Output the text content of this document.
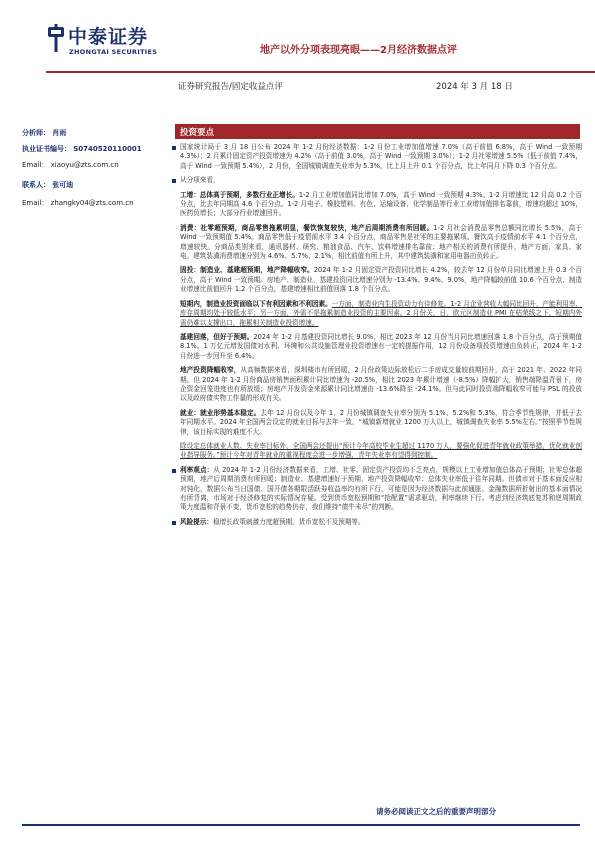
中泰证券
ZHONGTAI SECURITIES	地产以外分项表现亮眼——2月经济数据点评
证券研究报告/固定收益点评	2024 年 3 月 18 日
分析师： 肖雨
执业证书编号： S0740520110001
Email： xiaoyu@zts.com.cn
联系人： 张可迪
Email： zhangky04@zts.com.cn
投资要点
国家统计局于 3 月 18 日公布 2024 年 1-2 月份经济数据：1-2 月份工业增加值增速 7.0%（高于前值 6.8%，高于 Wind 一致预期 4.3%）；2 月累计固定资产投资增速为 4.2%（高于前值 3.0%，高于 Wind 一致预期 3.0%）；1-2 月社零增速 5.5%（低于前值 7.4%，高于 Wind 一致预期 5.4%），2 月份，全国城镇调查失业率为 5.3%，比上月上升 0.1 个百分点，比上年同月下降 0.3 个百分点。
从分项来看，
工增：总体高于预期，多数行业正增长。1-2 月工业增加值同比增加 7.0%，高于 Wind 一致预期 4.3%。1-2 月增速比 12 月高 0.2 个百分点，比去年同期高 4.6 个百分点。1-2 月电子、橡胶塑料、有色、运输设备、化学制品等行业工业增加值排名靠前，增速均超过 10%，医药负增长；大部分行业增速回升。
消费：社零超预期，商品零售拖累明显，餐饮恢复较快，地产后周期消费有所回暖。1-2 月社会消费品零售总额同比增长 5.5%，高于 Wind 一致预期值 5.4%。商品零售低于疫情前水平 3.4 个百分点，商品零售是社零的主要拖累项。餐饮高于疫情前水平 4.1 个百分点，增速较快。分商品类别来看，通讯器材、研究、粮油食品、汽车、饮料增速排名靠前；地产相关的消费有所提升，地产方面，家具、家电、建筑装潢消费增速分别为 4.6%、5.7%、2.1%，相比前值有所上升，其中建筑装潢和家用电器由负转正。
固投：制造业、基建超预期，地产降幅收窄。2024 年 1-2 月固定资产投资同比增长 4.2%，较去年 12 月份单月同比增速上升 0.3 个百分点，高于 Wind 一致预期。房地产、制造业、基建投资同比增速分别为 -13.4%、9.4%、9.0%，地产降幅较前值 10.6 个百分点、制造业增速比前值回升 1.2 个百分点，基建增速相比前值回落 1.8 个百分点。
短期内，制造业投资面临以下有利因素和不利因素。一方面，制造业内生投资动力有待修复。1-2 月企业营收大幅同比回升，产能利用率、库存周期均处于较低水平；另一方面，外需不是拖累制造业投资的主要因素。2 月份关，日、欧元区制造业 PMI 在枯荣线之下，短期内外需仍难以支撑出口，拖累相关制造业投资增速。
基建回落，但好于预期。2024 年 1-2 月基建投资同比增长 9.0%，相比 2023 年 12 月份当月同比增速回落 1.8 个百分点，高于预期值 8.1%。1 万亿元增发国债对水利、环境和公共设施管理业投资增速有一定的提振作用，12 月份设备项投资增速由负转正，2024 年 1-2 月份进一步回升至 6.4%。
地产投资降幅收窄，从高频数据来看，深圳楼市有所回暖，2 月份政策边际放松后二手房成交量较前期回升，高于 2021 年、2022 年同期。但 2024 年 1-2 月份商品房销售面积累计同比增速为 -20.5%，相比 2023 年累计增速（-8.5%）降幅扩大，销售端降温背景下，房企资金回笼进度也有所放缓；房地产开发资金来源累计同比增速由 -13.6%降至 -24.1%。但与此同时投资端降幅收窄可能与 PSL 的投放以及政府债实物工作量的形成有关。
就业：就业形势基本稳定。去年 12 月份以及今年 1、2 月份城镇调查失业率分别为 5.1%、5.2%和 5.3%，符合季节性规律，并低于去年同期水平。2024 年全国两会设定的就业目标与去年一致，“城镇新增就业 1200 万人以上，城镇调查失业率 5.5%左右。”按照季节性规律，该目标实现的难度不大。
除设定总体就业人数、失业率目标外，全国两会还提出“预计今年高校毕业生超过 1170 万人，要强化促进青年就业政策举措，优化就业创业指导服务。”预计今年对青年就业的重视程度会进一步增强，青年失业率有望得到控制。
利率观点：从 2024 年 1-2 月份经济数据来看，工增、社零、固定资产投资均不乏亮点，规模以上工业增加值总体高于预期；社零总体超预期，地产后周期消费有所回暖；制造业、基建增速好于预期，地产投资降幅收窄；总体失业率低于往年同期。但债市对于基本面反应相对钝化，数据公布当日国债、国开债各期限活跃券收益率均有所下行，可能是因为经济数据与此前通胀、金融数据所折射出的基本面情况有所背离，市场对于经济修复的实际情况存疑。受到货币宽松预期和“抢配置”需求驱动，利率继续下行。考虑到经济筑底复苏和逆周期政策力度温和背景不变，货币宽松的趋势仍存，我们维持“债牛未尽”的判断。
风险提示：稳增长政策刺激力度超预期，货币宽松不及预期等。
请务必阅读正文之后的重要声明部分
